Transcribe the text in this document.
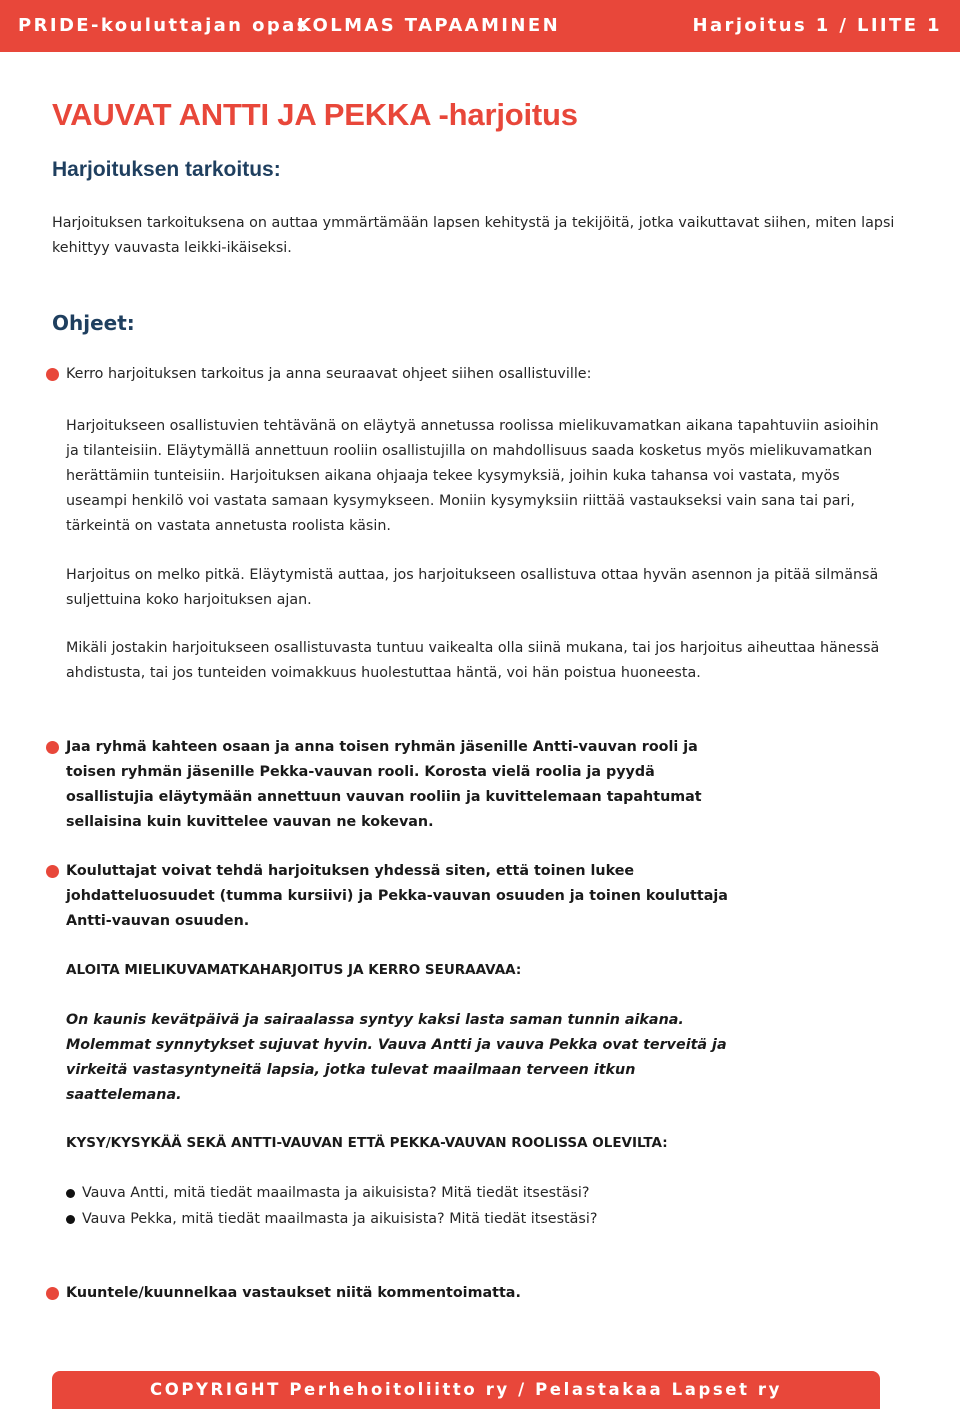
PRIDE-kouluttajan opas
KOLMAS TAPAAMINEN	Harjoitus 1 / LIITE 1
VAUVAT ANTTI JA PEKKA -harjoitus
Harjoituksen tarkoitus:

Harjoituksen tarkoituksena on auttaa ymmärtämään lapsen kehitystä ja tekijöitä, jotka vaikuttavat siihen, miten lapsi kehittyy vauvasta leikki-ikäiseksi.

Ohjeet:

Kerro harjoituksen tarkoitus ja anna seuraavat ohjeet siihen osallistuville:

Harjoitukseen osallistuvien tehtävänä on eläytyä annetussa roolissa mielikuvamatkan aikana tapahtuviin asioihin ja tilanteisiin. Eläytymällä annettuun rooliin osallistujilla on mahdollisuus saada kosketus myös mielikuvamatkan herättämiin tunteisiin. Harjoituksen aikana ohjaaja tekee kysymyksiä, joihin kuka tahansa voi vastata, myös useampi henkilö voi vastata samaan kysymykseen. Moniin kysymyksiin riittää vastaukseksi vain sana tai pari, tärkeintä on vastata annetusta roolista käsin.

Harjoitus on melko pitkä. Eläytymistä auttaa, jos harjoitukseen osallistuva ottaa hyvän asennon ja pitää silmänsä suljettuina koko harjoituksen ajan.

Mikäli jostakin harjoitukseen osallistuvasta tuntuu vaikealta olla siinä mukana, tai jos harjoitus aiheuttaa hänessä ahdistusta, tai jos tunteiden voimakkuus huolestuttaa häntä, voi hän poistua huoneesta.

Jaa ryhmä kahteen osaan ja anna toisen ryhmän jäsenille Antti-vauvan rooli ja toisen ryhmän jäsenille Pekka-vauvan rooli. Korosta vielä roolia ja pyydä osallistujia eläytymään annettuun vauvan rooliin ja kuvittelemaan tapahtumat sellaisina kuin kuvittelee vauvan ne kokevan.

Kouluttajat voivat tehdä harjoituksen yhdessä siten, että toinen lukee johdatteluosuudet (tumma kursiivi) ja Pekka-vauvan osuuden ja toinen kouluttaja Antti-vauvan osuuden.

ALOITA MIELIKUVAMATKAHARJOITUS JA KERRO SEURAAVAA:

On kaunis kevätpäivä ja sairaalassa syntyy kaksi lasta saman tunnin aikana. Molemmat synnytykset sujuvat hyvin. Vauva Antti ja vauva Pekka ovat terveitä ja virkeitä vastasyntyneitä lapsia, jotka tulevat maailmaan terveen itkun saattelemana.

KYSY/KYSYKÄÄ SEKÄ ANTTI-VAUVAN ETTÄ PEKKA-VAUVAN ROOLISSA OLEVILTA:

Vauva Antti, mitä tiedät maailmasta ja aikuisista? Mitä tiedät itsestäsi?

Vauva Pekka, mitä tiedät maailmasta ja aikuisista? Mitä tiedät itsestäsi?

Kuuntele/kuunnelkaa vastaukset niitä kommentoimatta.

COPYRIGHT Perhehoitoliitto ry / Pelastakaa Lapset ry
